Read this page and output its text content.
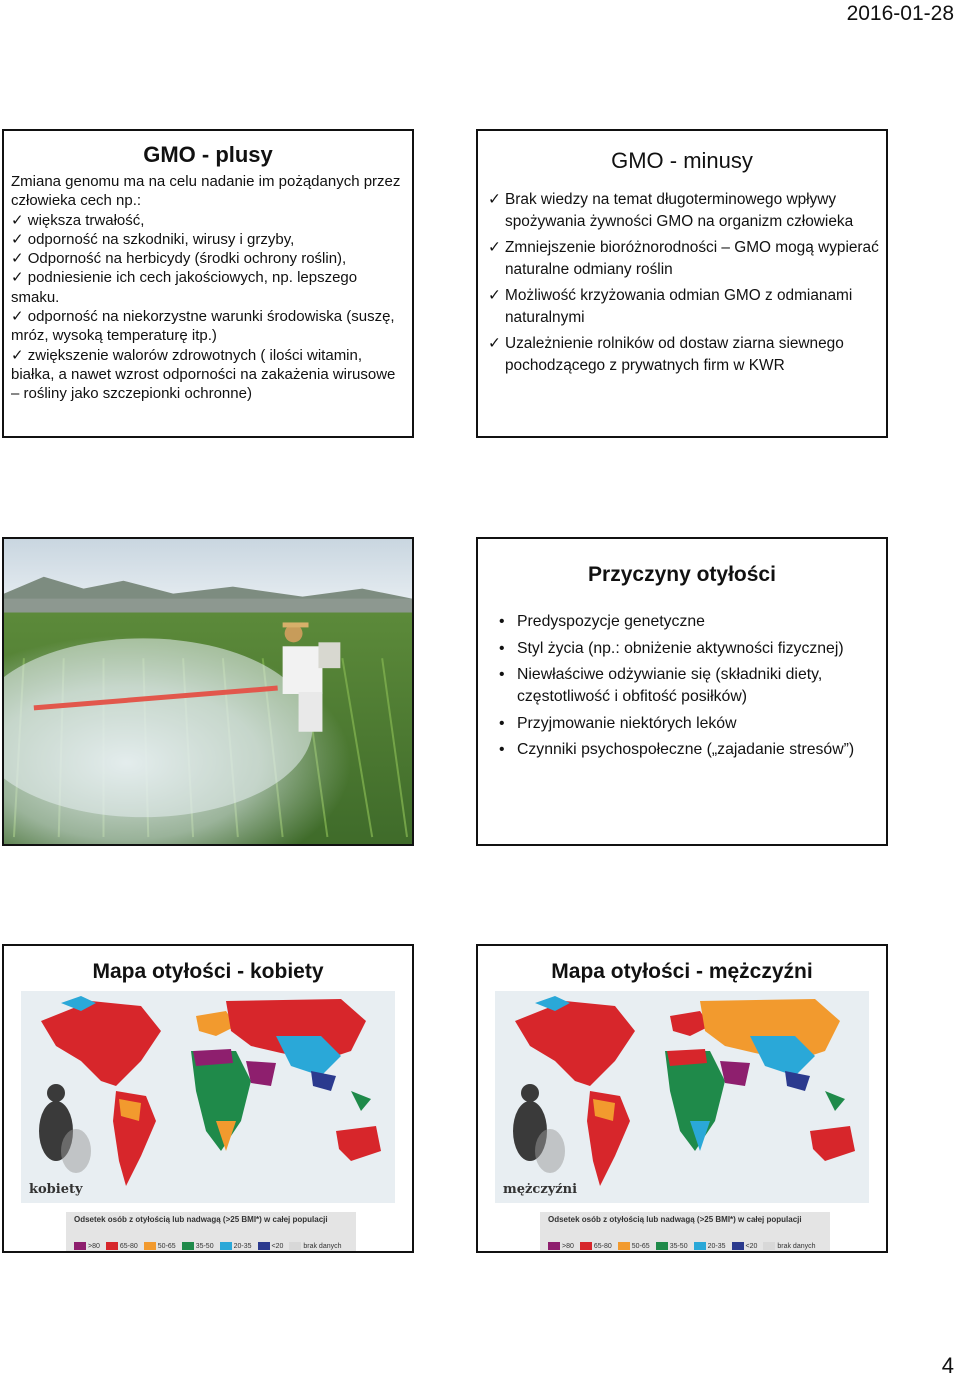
2016-01-28
GMO - plusy

Zmiana genomu ma na celu nadanie im pożądanych przez człowieka cech np.:

✓ większa trwałość,

✓ odporność na szkodniki, wirusy i grzyby,

✓ Odporność na herbicydy (środki ochrony roślin),

✓ podniesienie ich cech jakościowych, np. lepszego smaku.

✓ odporność na niekorzystne warunki środowiska (suszę, mróz, wysoką temperaturę itp.)

✓ zwiększenie walorów zdrowotnych ( ilości witamin, białka, a nawet wzrost odporności na zakażenia wirusowe – rośliny jako szczepionki ochronne)

GMO - minusy
✓ Brak wiedzy na temat długoterminowego wpływy spożywania żywności GMO na organizm człowieka
✓ Zmniejszenie bioróżnorodności – GMO mogą wypierać naturalne odmiany roślin
✓ Możliwość krzyżowania odmian GMO z odmianami naturalnymi
✓ Uzależnienie rolników od dostaw ziarna siewnego pochodzącego z prywatnych firm w KWR
Przyczyny otyłości
• Predyspozycje genetyczne
• Styl życia (np.: obniżenie aktywności fizycznej)
• Niewłaściwe odżywianie się (składniki diety, częstotliwość i obfitość posiłków)
• Przyjmowanie niektórych leków
• Czynniki psychospołeczne („zajadanie stresów”)
Mapa otyłości - kobiety
kobiety
Odsetek osób z otyłością lub nadwagą (>25 BMI*) w całej populacji
>80	65-80	50-65	35-50	20-35	<20	brak danych
Mapa otyłości - mężczyźni
mężczyźni
Odsetek osób z otyłością lub nadwagą (>25 BMI*) w całej populacji
>80	65-80	50-65	35-50	20-35	<20	brak danych
4
